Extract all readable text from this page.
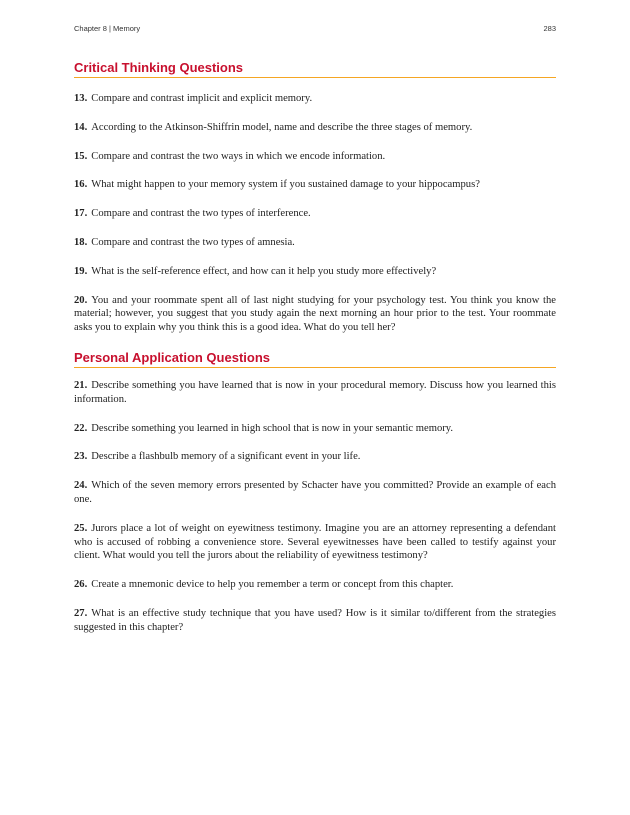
Chapter 8 | Memory	283
Critical Thinking Questions

13. Compare and contrast implicit and explicit memory.

14. According to the Atkinson-Shiffrin model, name and describe the three stages of memory.

15. Compare and contrast the two ways in which we encode information.

16. What might happen to your memory system if you sustained damage to your hippocampus?

17. Compare and contrast the two types of interference.

18. Compare and contrast the two types of amnesia.

19. What is the self-reference effect, and how can it help you study more effectively?

20. You and your roommate spent all of last night studying for your psychology test. You think you know the material; however, you suggest that you study again the next morning an hour prior to the test. Your roommate asks you to explain why you think this is a good idea. What do you tell her?

Personal Application Questions

21. Describe something you have learned that is now in your procedural memory. Discuss how you learned this information.

22. Describe something you learned in high school that is now in your semantic memory.

23. Describe a flashbulb memory of a significant event in your life.

24. Which of the seven memory errors presented by Schacter have you committed? Provide an example of each one.

25. Jurors place a lot of weight on eyewitness testimony. Imagine you are an attorney representing a defendant who is accused of robbing a convenience store. Several eyewitnesses have been called to testify against your client. What would you tell the jurors about the reliability of eyewitness testimony?

26. Create a mnemonic device to help you remember a term or concept from this chapter.

27. What is an effective study technique that you have used? How is it similar to/different from the strategies suggested in this chapter?
